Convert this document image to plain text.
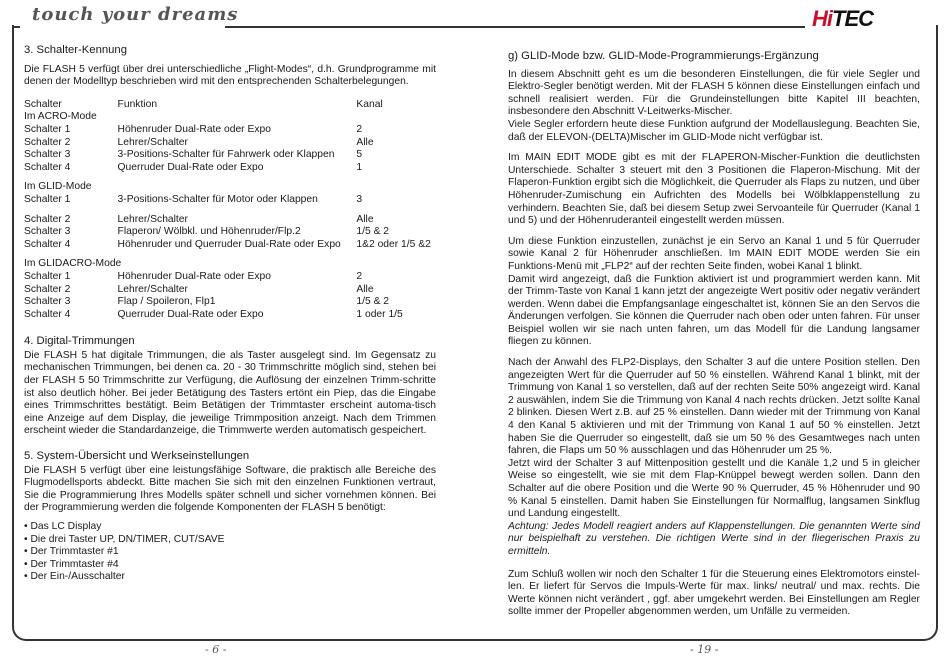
touch your dreams	HiTEC
3. Schalter-Kennung

Die FLASH 5 verfügt über drei unterschiedliche „Flight-Modes“, d.h. Grundprogramme mit denen der Modelltyp beschrieben wird mit den entsprechenden Schalterbelegungen.

Schalter	Funktion	Kanal
Im ACRO-Mode
Schalter 1	Höhenruder Dual-Rate oder Expo	2
Schalter 2	Lehrer/Schalter	Alle
Schalter 3	3-Positions-Schalter für Fahrwerk oder Klappen	5
Schalter 4	Querruder Dual-Rate oder Expo	1
Im GLID-Mode
Schalter 1	3-Positions-Schalter für Motor oder Klappen	3
Schalter 2	Lehrer/Schalter	Alle
Schalter 3	Flaperon/ Wölbkl. und Höhenruder/Flp.2	1/5 & 2
Schalter 4	Höhenruder und Querruder Dual-Rate oder Expo	1&2 oder 1/5 &2
Im GLIDACRO-Mode
Schalter 1	Höhenruder Dual-Rate oder Expo	2
Schalter 2	Lehrer/Schalter	Alle
Schalter 3	Flap / Spoileron, Flp1	1/5 & 2
Schalter 4	Querruder Dual-Rate oder Expo	1 oder 1/5
4. Digital-Trimmungen

Die FLASH 5 hat digitale Trimmungen, die als Taster ausgelegt sind. Im Gegensatz zu mechanischen Trimmungen, bei denen ca. 20 - 30 Trimmschritte möglich sind, stehen bei der FLASH 5 50 Trimmschritte zur Verfügung, die Auflösung der einzelnen Trimm-schritte ist also deutlich höher. Bei jeder Betätigung des Tasters ertönt ein Piep, das die Eingabe eines Trimmschrittes bestätigt. Beim Betätigen der Trimmtaster erscheint automa-tisch eine Anzeige auf dem Display, die jeweilige Trimmposition anzeigt. Nach dem Trimmen erscheint wieder die Standardanzeige, die Trimmwerte werden automatisch gespeichert.

5. System-Übersicht und Werkseinstellungen

Die FLASH 5 verfügt über eine leistungsfähige Software, die praktisch alle Bereiche des Flugmodellsports abdeckt. Bitte machen Sie sich mit den einzelnen Funktionen vertraut, Sie die Programmierung Ihres Modells später schnell und sicher vornehmen können. Bei der Programmierung werden die folgende Komponenten der FLASH 5 benötigt:

• Das LC Display
• Die drei Taster UP, DN/TIMER, CUT/SAVE
• Der Trimmtaster #1
• Der Trimmtaster #4
• Der Ein-/Ausschalter
g) GLID-Mode bzw. GLID-Mode-Programmierungs-Ergänzung

In diesem Abschnitt geht es um die besonderen Einstellungen, die für viele Segler und Elektro-Segler benötigt werden. Mit der FLASH 5 können diese Einstellungen einfach und schnell realisiert werden. Für die Grundeinstellungen bitte Kapitel III beachten, insbesondere den Abschnitt V-Leitwerks-Mischer.

Viele Segler erfordern heute diese Funktion aufgrund der Modellauslegung. Beachten Sie, daß der ELEVON-(DELTA)Mischer im GLID-Mode nicht verfügbar ist.

Im MAIN EDIT MODE gibt es mit der FLAPERON-Mischer-Funktion die deutlichsten Unterschiede. Schalter 3 steuert mit den 3 Positionen die Flaperon-Mischung. Mit der Flaperon-Funktion ergibt sich die Möglichkeit, die Querruder als Flaps zu nutzen, und über Höhenruder-Zumischung ein Aufrichten des Modells bei Wölbklappenstellung zu verhindern. Beachten Sie, daß bei diesem Setup zwei Servoanteile für Querruder (Kanal 1 und 5) und der Höhenruderanteil eingestellt werden müssen.

Um diese Funktion einzustellen, zunächst je ein Servo an Kanal 1 und 5 für Querruder sowie Kanal 2 für Höhenruder anschließen. Im MAIN EDIT MODE werden Sie ein Funktions-Menü mit „FLP2“ auf der rechten Seite finden, wobei Kanal 1 blinkt.

Damit wird angezeigt, daß die Funktion aktiviert ist und programmiert werden kann. Mit der Trimm-Taste von Kanal 1 kann jetzt der angezeigte Wert positiv oder negativ verändert werden. Wenn dabei die Empfangsanlage eingeschaltet ist, können Sie an den Servos die Änderungen verfolgen. Sie können die Querruder nach oben oder unten fahren. Für unser Beispiel wollen wir sie nach unten fahren, um das Modell für die Landung langsamer fliegen zu können.

Nach der Anwahl des FLP2-Displays, den Schalter 3 auf die untere Position stellen. Den angezeigten Wert für die Querruder auf 50 % einstellen. Während Kanal 1 blinkt, mit der Trimmung von Kanal 1 so verstellen, daß auf der rechten Seite 50% angezeigt wird. Kanal 2 auswählen, indem Sie die Trimmung von Kanal 4 nach rechts drücken. Jetzt sollte Kanal 2 blinken. Diesen Wert z.B. auf 25 % einstellen. Dann wieder mit der Trimmung von Kanal 4 den Kanal 5 aktivieren und mit der Trimmung von Kanal 1 auf 50 % einstellen. Jetzt haben Sie die Querruder so eingestellt, daß sie um 50 % des Gesamtweges nach unten fahren, die Flaps um 50 % ausschlagen und das Höhenruder um 25 %.

Jetzt wird der Schalter 3 auf Mittenposition gestellt und die Kanäle 1,2 und 5 in gleicher Weise so eingestellt, wie sie mit dem Flap-Knüppel bewegt werden sollen. Dann den Schalter auf die obere Position und die Werte 90 % Querruder, 45 % Höhenruder und 90 % Kanal 5 einstellen. Damit haben Sie Einstellungen für Normalflug, langsamen Sinkflug und Landung eingestellt.

Achtung: Jedes Modell reagiert anders auf Klappenstellungen. Die genannten Werte sind nur beispielhaft zu verstehen. Die richtigen Werte sind in der fliegerischen Praxis zu ermitteln.

Zum Schluß wollen wir noch den Schalter 1 für die Steuerung eines Elektromotors einstel-len. Er liefert für Servos die Impuls-Werte für max. links/ neutral/ und max. rechts. Die Werte können nicht verändert , ggf. aber umgekehrt werden. Bei Einstellungen am Regler sollte immer der Propeller abgenommen werden, um Unfälle zu vermeiden.

- 6 -	- 19 -
